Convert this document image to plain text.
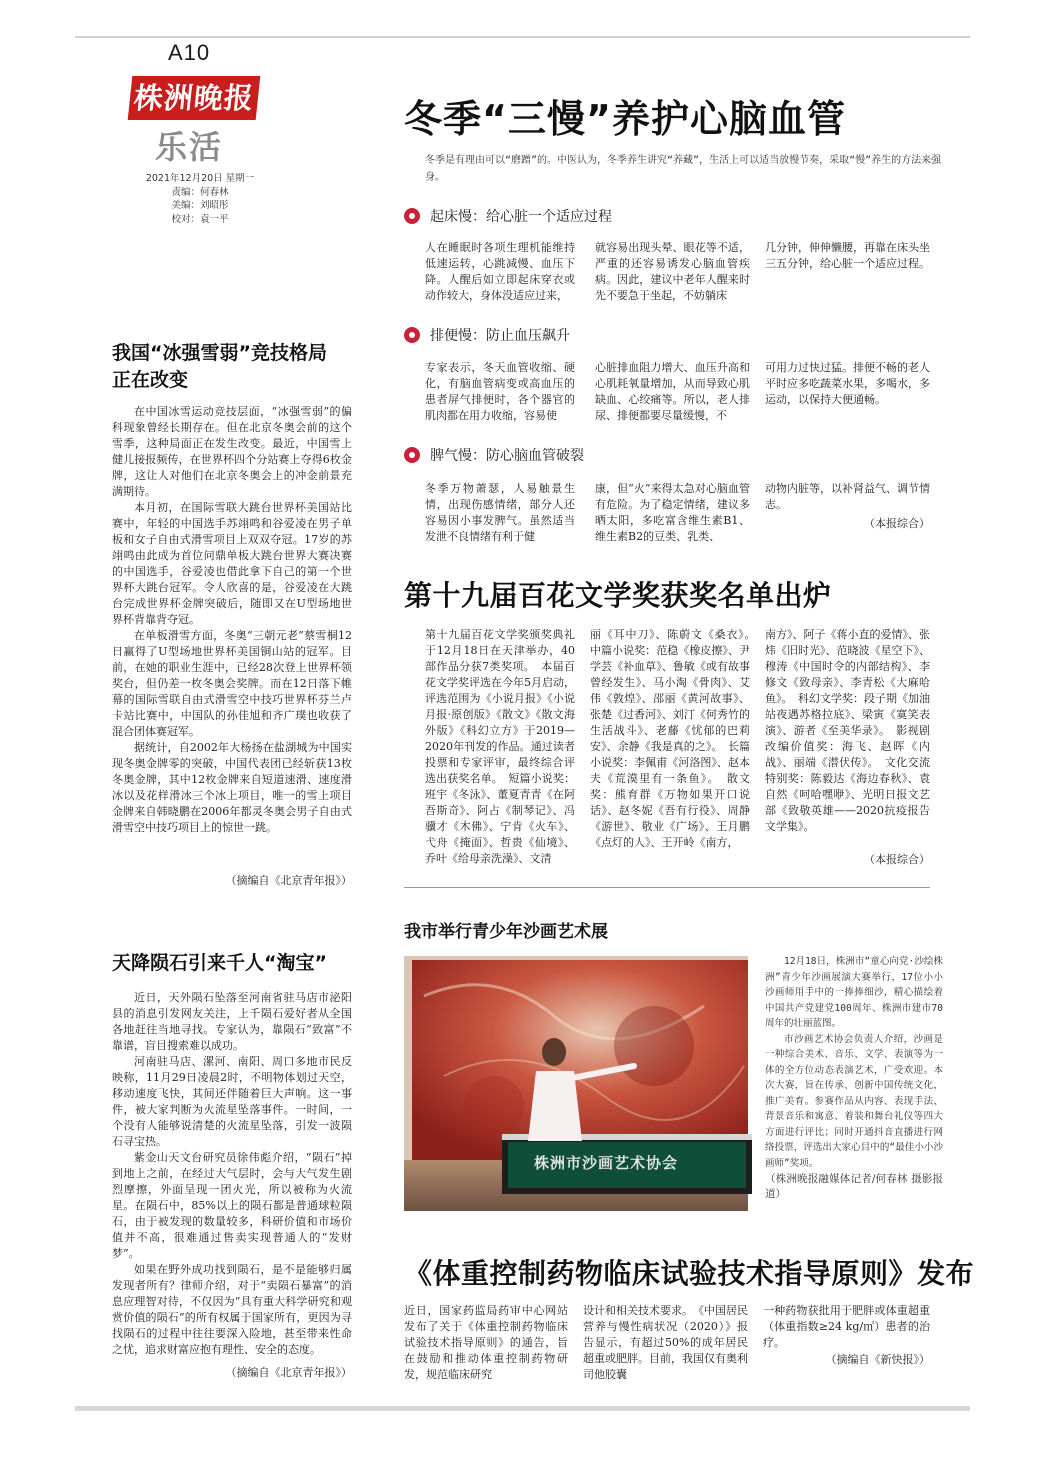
A10
株洲晚报
乐活
2021年12月20日 星期一
责编：何春林
美编：刘昭彤
校对：袁一平
冬季“三慢”养护心脑血管
冬季是有理由可以“磨蹭”的。中医认为，冬季养生讲究“养藏”，生活上可以适当放慢节奏，采取“慢”养生的方法来强身。
起床慢：给心脏一个适应过程
人在睡眠时各项生理机能维持低速运转，心跳减慢、血压下降。人醒后如立即起床穿衣或动作较大，身体没适应过来，
就容易出现头晕、眼花等不适，严重的还容易诱发心脑血管疾病。因此，建议中老年人醒来时先不要急于坐起，不妨躺床
几分钟，伸伸懒腰，再靠在床头坐三五分钟，给心脏一个适应过程。
排便慢：防止血压飙升
专家表示，冬天血管收缩、硬化，有脑血管病变或高血压的患者屏气排便时，各个器官的肌肉都在用力收缩，容易使
心脏排血阻力增大、血压升高和心肌耗氧量增加，从而导致心肌缺血、心绞痛等。所以，老人排尿、排便都要尽量缓慢，不
可用力过快过猛。排便不畅的老人平时应多吃蔬菜水果，多喝水，多运动，以保持大便通畅。
脾气慢：防心脑血管破裂
冬季万物萧瑟，人易触景生情，出现伤感情绪，部分人还容易因小事发脾气。虽然适当发泄不良情绪有利于健
康，但“火”来得太急对心脑血管有危险。为了稳定情绪，建议多晒太阳，多吃富含维生素B1、维生素B2的豆类、乳类、
动物内脏等，以补肾益气、调节情志。
（本报综合）
我国“冰强雪弱”竞技格局
正在改变

在中国冰雪运动竞技层面，“冰强雪弱”的偏科现象曾经长期存在。但在北京冬奥会前的这个雪季，这种局面正在发生改变。最近，中国雪上健儿接报频传，在世界杯四个分站赛上夺得6枚金牌，这让人对他们在北京冬奥会上的冲金前景充满期待。

本月初，在国际雪联大跳台世界杯美国站比赛中，年轻的中国选手苏翊鸣和谷爱凌在男子单板和女子自由式滑雪项目上双双夺冠。17岁的苏翊鸣由此成为首位问鼎单板大跳台世界大赛决赛的中国选手，谷爱凌也借此拿下自己的第一个世界杯大跳台冠军。令人欣喜的是，谷爱凌在大跳台完成世界杯金牌突破后，随即又在U型场地世界杯背靠背夺冠。

在单板滑雪方面，冬奥“三朝元老”蔡雪桐12日赢得了U型场地世界杯美国铜山站的冠军。目前，在她的职业生涯中，已经28次登上世界杯领奖台，但仍差一枚冬奥会奖牌。而在12日落下帷幕的国际雪联自由式滑雪空中技巧世界杯芬兰卢卡站比赛中，中国队的孙佳旭和齐广璞也收获了混合团体赛冠军。

据统计，自2002年大杨扬在盐湖城为中国实现冬奥金牌零的突破，中国代表团已经斩获13枚冬奥金牌，其中12枚金牌来自短道速滑、速度滑冰以及花样滑冰三个冰上项目，唯一的雪上项目金牌来自韩晓鹏在2006年都灵冬奥会男子自由式滑雪空中技巧项目上的惊世一跳。

（摘编自《北京青年报》）
天降陨石引来千人“淘宝”

近日，天外陨石坠落至河南省驻马店市泌阳县的消息引发网友关注，上千陨石爱好者从全国各地赶往当地寻找。专家认为，靠陨石“致富”不靠谱，盲目搜索难以成功。

河南驻马店、漯河、南阳、周口多地市民反映称，11月29日凌晨2时，不明物体划过天空，移动速度飞快，其间还伴随着巨大声响。这一事件，被大家判断为火流星坠落事件。一时间，一个没有人能够说清楚的火流星坠落，引发一波陨石寻宝热。

紫金山天文台研究员徐伟彪介绍，“陨石”掉到地上之前，在经过大气层时，会与大气发生剧烈摩擦，外面呈现一团火光，所以被称为火流星。在陨石中，85%以上的陨石都是普通球粒陨石，由于被发现的数量较多，科研价值和市场价值并不高，很难通过售卖实现普通人的“发财梦”。

如果在野外成功找到陨石，是不是能够归属发现者所有？律师介绍，对于“卖陨石暴富”的消息应理智对待，不仅因为“具有重大科学研究和观赏价值的陨石”的所有权属于国家所有，更因为寻找陨石的过程中往往要深入险地，甚至带来性命之忧，追求财富应抱有理性、安全的态度。

（摘编自《北京青年报》）
第十九届百花文学奖获奖名单出炉
第十九届百花文学奖颁奖典礼于12月18日在天津举办，40部作品分获7类奖项。　本届百花文学奖评选在今年5月启动，评选范围为《小说月报》《小说月报·原创版》《散文》《散文海外版》《科幻立方》于2019—2020年刊发的作品。通过读者投票和专家评审，最终综合评选出获奖名单。　短篇小说奖：班宇《冬泳》、董夏青青《在阿吾斯奇》、阿占《制琴记》、冯骥才《木佛》、宁肯《火车》、弋舟《掩面》、哲贵《仙境》、乔叶《给母亲洗澡》、文清
丽《耳中刀》、陈蔚文《桑衣》。　中篇小说奖：范稳《橡皮擦》、尹学芸《补血草》、鲁敏《或有故事曾经发生》、马小淘《骨肉》、艾伟《敦煌》、邵丽《黄河故事》、张楚《过香河》、刘汀《何秀竹的生活战斗》、老藤《忧郁的巴莉安》、余静《我是真的之》。　长篇小说奖：李佩甫《河洛图》、赵本夫《荒漠里有一条鱼》。　散文奖：熊育群《万物如果开口说话》、赵冬妮《吾有行役》、周静《游世》、敬业《广场》、王月鹏《点灯的人》、王开岭《南方，
南方》、阿子《蒋小直的爱情》、张炜《旧时光》、范晓波《星空下》、穆涛《中国时令的内部结构》、李修文《致母亲》、李青松《大麻哈鱼》。　科幻文学奖：段子期《加油站夜遇苏格拉底》、梁寅《寞笑表演》、游者《至美华录》。　影视剧改编价值奖：海飞、赵晖《内战》、丽端《潜伏传》。　文化交流特别奖：陈毅达《海边春秋》、袁自然《呵哈嘿咿》、光明日报文艺部《致敬英雄——2020抗疫报告文学集》。
（本报综合）
我市举行青少年沙画艺术展
株洲市沙画艺术协会

12月18日，株洲市“童心向党·沙绘株洲”青少年沙画展演大赛举行，17位小小沙画师用手中的一捧捧细沙，精心描绘着中国共产党建党100周年、株洲市建市70周年的壮丽蓝图。

市沙画艺术协会负责人介绍，沙画是一种综合美术、音乐、文学、表演等为一体的全方位动态表演艺术，广受欢迎。本次大赛，旨在传承、创新中国传统文化，推广美育。参赛作品从内容、表现手法、背景音乐和寓意、着装和舞台礼仪等四大方面进行评比；同时开通抖音直播进行网络投票，评选出大家心目中的“最佳小小沙画师”奖项。

（株洲晚报融媒体记者/何春林 摄影报道）
《体重控制药物临床试验技术指导原则》发布
近日，国家药监局药审中心网站发布了关于《体重控制药物临床试验技术指导原则》的通告，旨在鼓励和推动体重控制药物研发，规范临床研究
设计和相关技术要求。　《中国居民营养与慢性病状况（2020）》报告显示，有超过50%的成年居民超重或肥胖。目前，我国仅有奥利司他胶囊
一种药物获批用于肥胖或体重超重（体重指数≥24 kg/㎡）患者的治疗。
（摘编自《新快报》）
